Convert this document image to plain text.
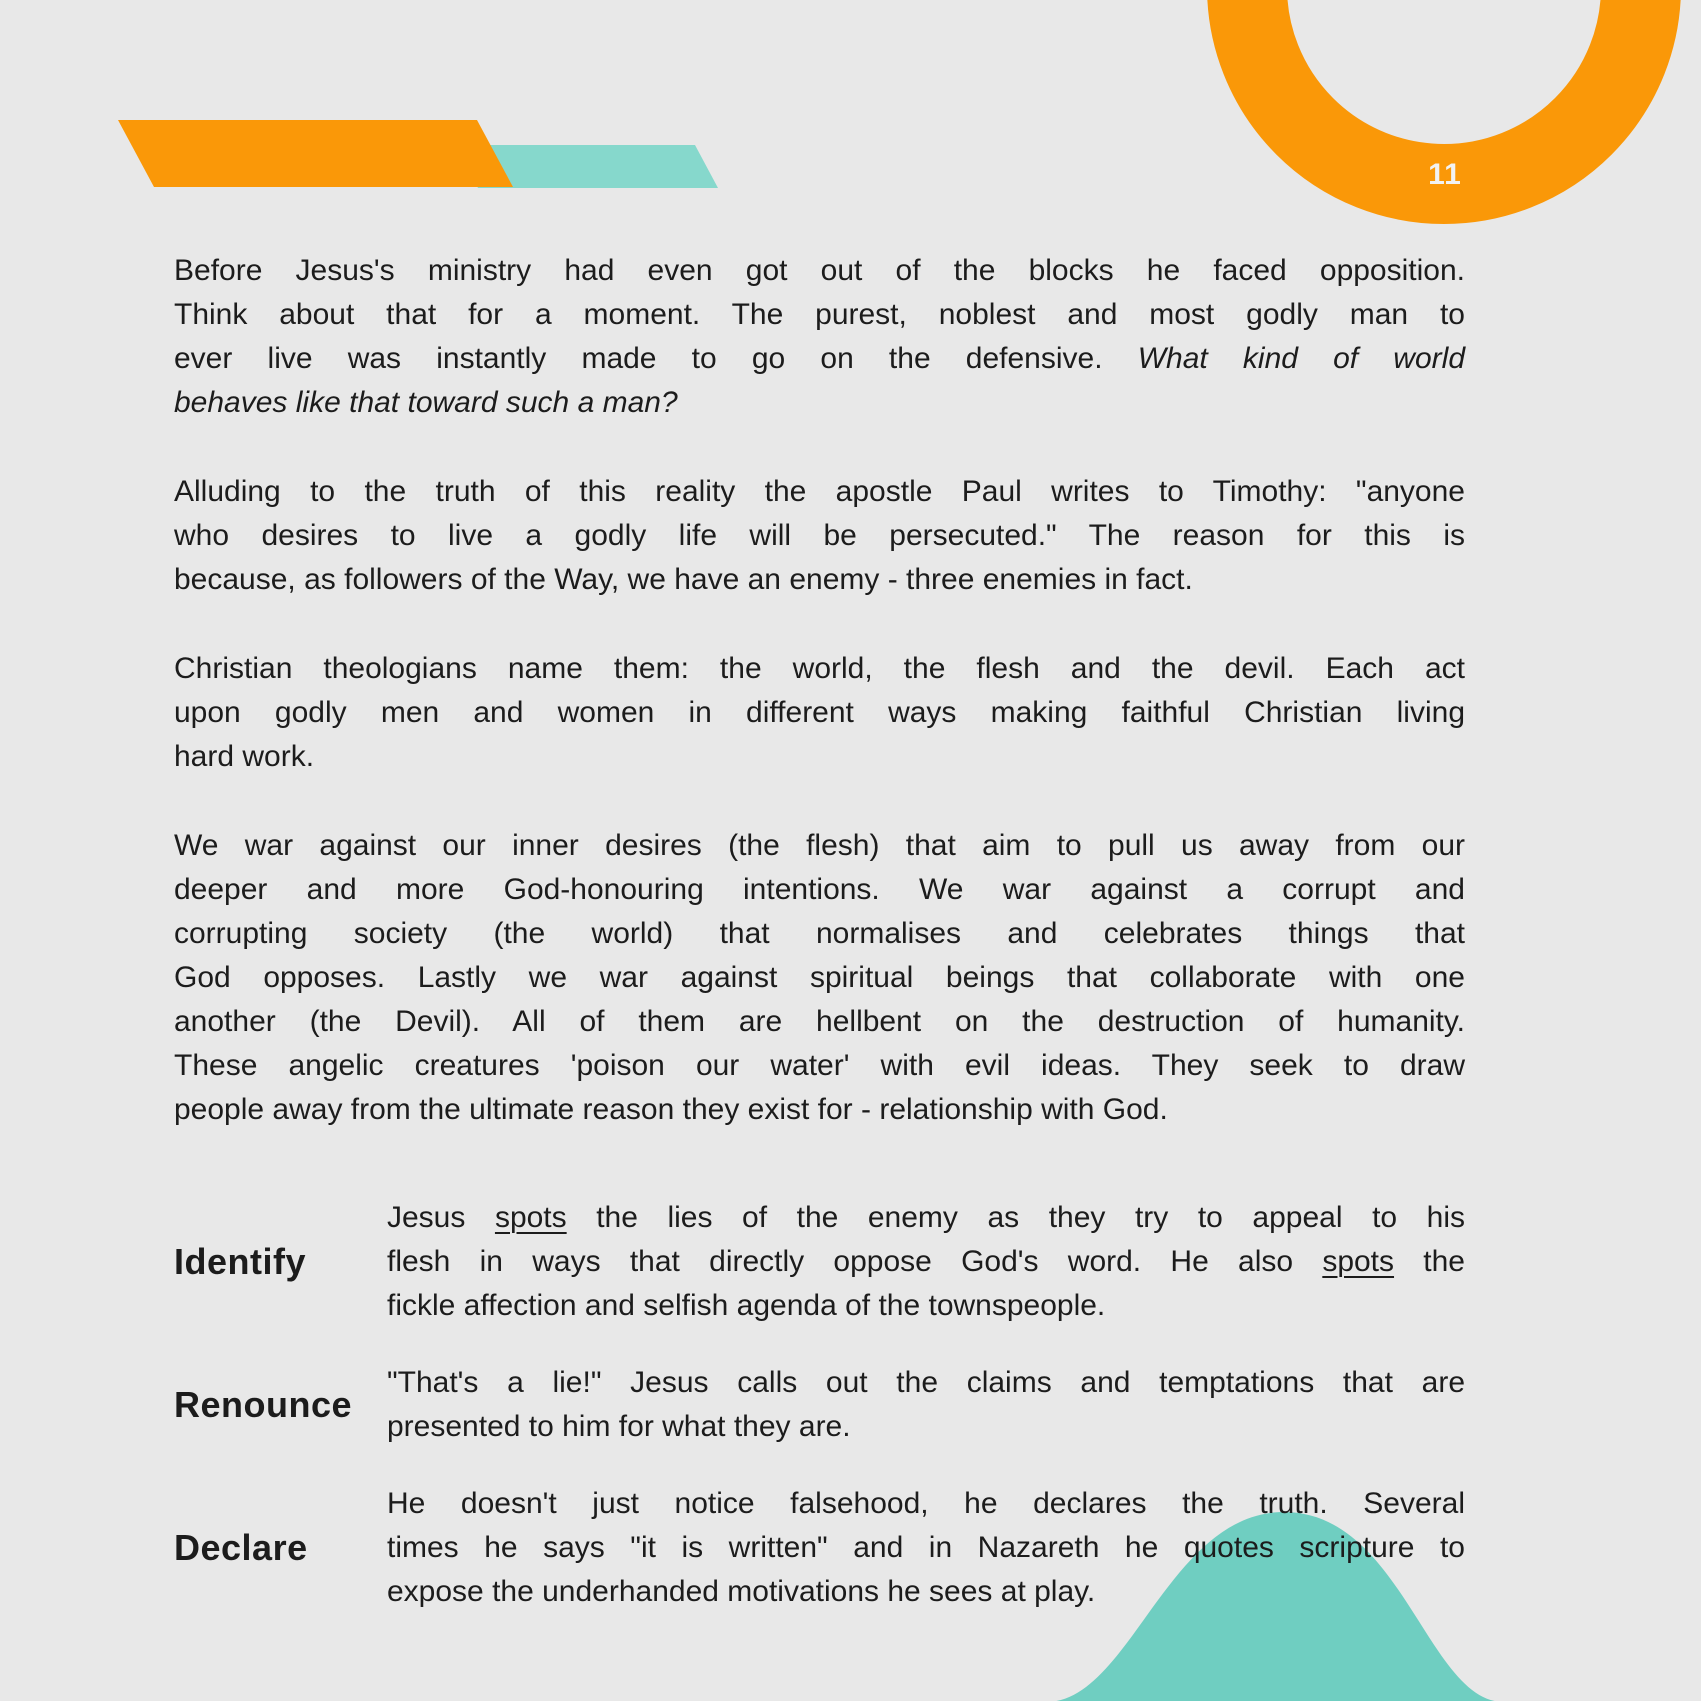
11
Before Jesus's ministry had even got out of the blocks he faced opposition.
Think about that for a moment. The purest, noblest and most godly man to
ever live was instantly made to go on the defensive. What kind of world
behaves like that toward such a man?
Alluding to the truth of this reality the apostle Paul writes to Timothy: "anyone
who desires to live a godly life will be persecuted." The reason for this is
because, as followers of the Way, we have an enemy - three enemies in fact.
Christian theologians name them: the world, the flesh and the devil. Each act
upon godly men and women in different ways making faithful Christian living
hard work.
We war against our inner desires (the flesh) that aim to pull us away from our
deeper and more God-honouring intentions. We war against a corrupt and
corrupting society (the world) that normalises and celebrates things that
God opposes. Lastly we war against spiritual beings that collaborate with one
another (the Devil). All of them are hellbent on the destruction of humanity.
These angelic creatures 'poison our water' with evil ideas. They seek to draw
people away from the ultimate reason they exist for - relationship with God.
Identify
Jesus spots the lies of the enemy as they try to appeal to his
flesh in ways that directly oppose God's word. He also spots the
fickle affection and selfish agenda of the townspeople.
Renounce
"That's a lie!" Jesus calls out the claims and temptations that are
presented to him for what they are.
Declare
He doesn't just notice falsehood, he declares the truth. Several
times he says "it is written" and in Nazareth he quotes scripture to
expose the underhanded motivations he sees at play.
